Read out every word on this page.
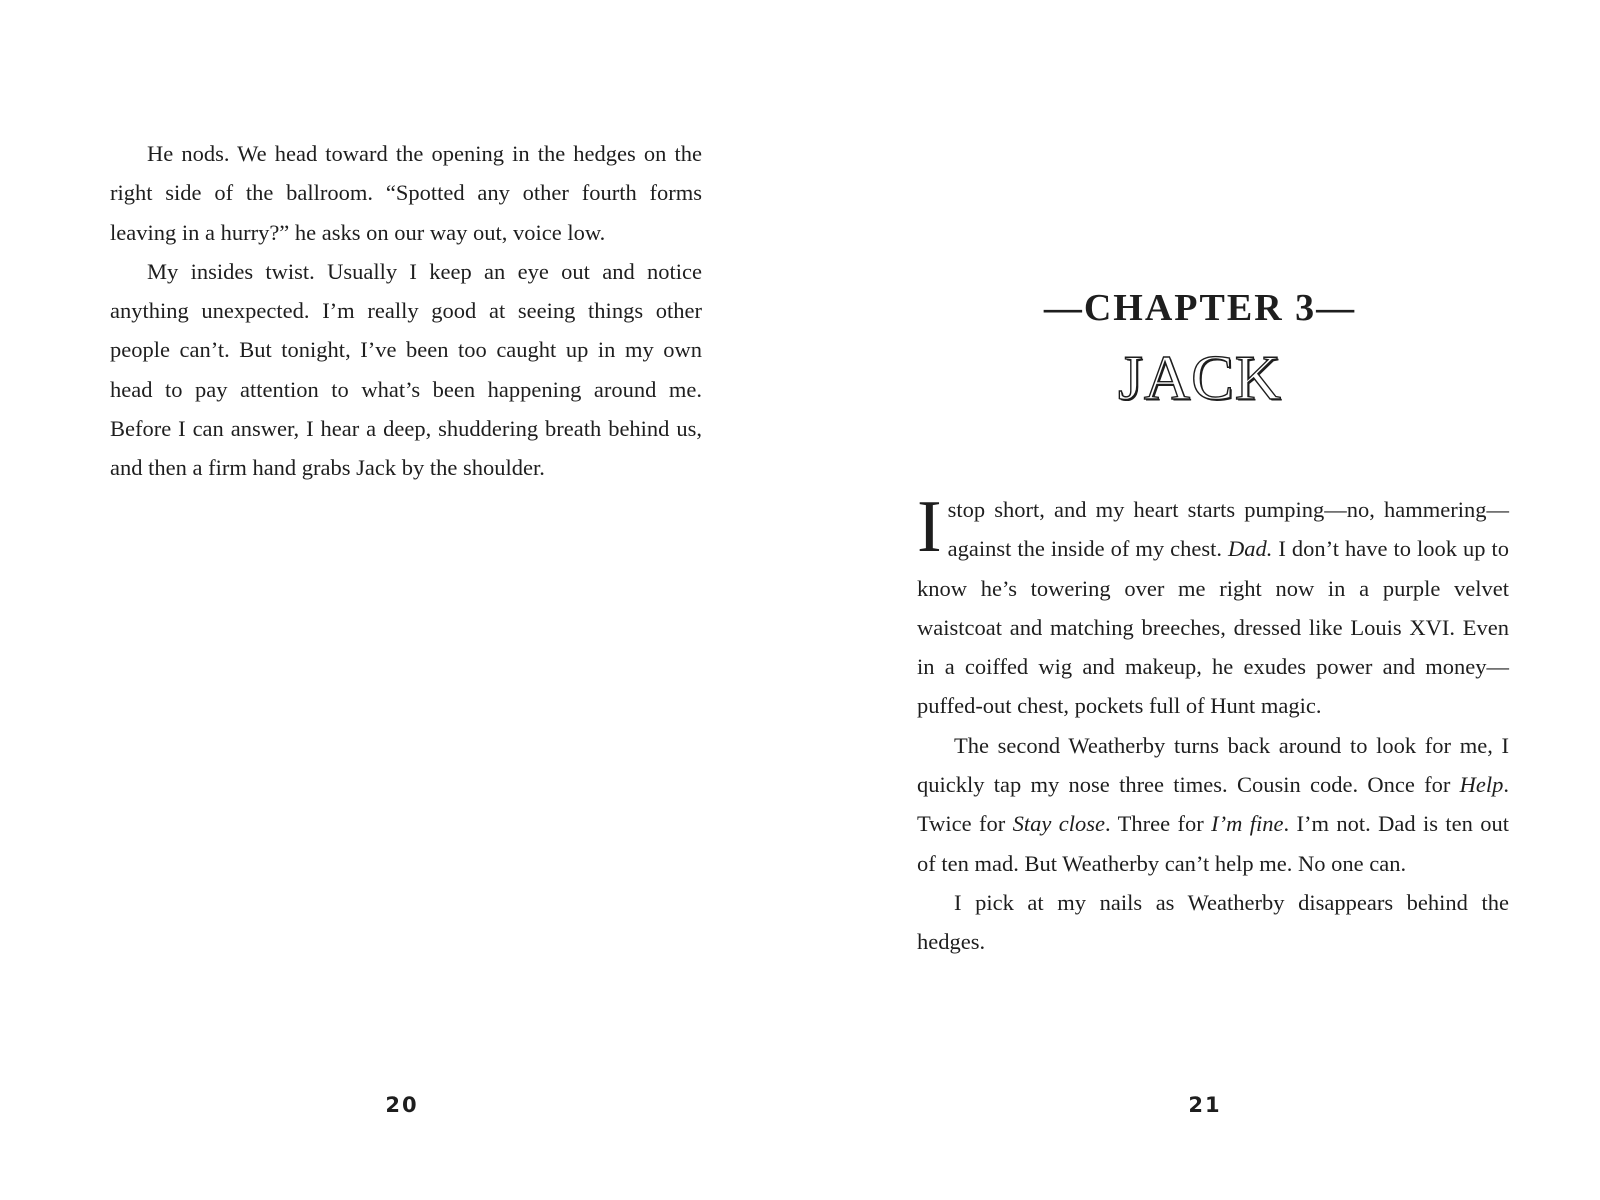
He nods. We head toward the opening in the hedges on the right side of the ballroom. “Spotted any other fourth forms leaving in a hurry?” he asks on our way out, voice low.

My insides twist. Usually I keep an eye out and notice anything unexpected. I’m really good at seeing things other people can’t. But tonight, I’ve been too caught up in my own head to pay attention to what’s been happening around me. Before I can answer, I hear a deep, shuddering breath behind us, and then a firm hand grabs Jack by the shoulder.

20
—CHAPTER 3—
JACK

I stop short, and my heart starts pumping—no, hammering—against the inside of my chest. Dad. I don’t have to look up to know he’s towering over me right now in a purple velvet waistcoat and matching breeches, dressed like Louis XVI. Even in a coiffed wig and makeup, he exudes power and money—puffed-out chest, pockets full of Hunt magic.

The second Weatherby turns back around to look for me, I quickly tap my nose three times. Cousin code. Once for Help. Twice for Stay close. Three for I’m fine. I’m not. Dad is ten out of ten mad. But Weatherby can’t help me. No one can.

I pick at my nails as Weatherby disappears behind the hedges.

21
